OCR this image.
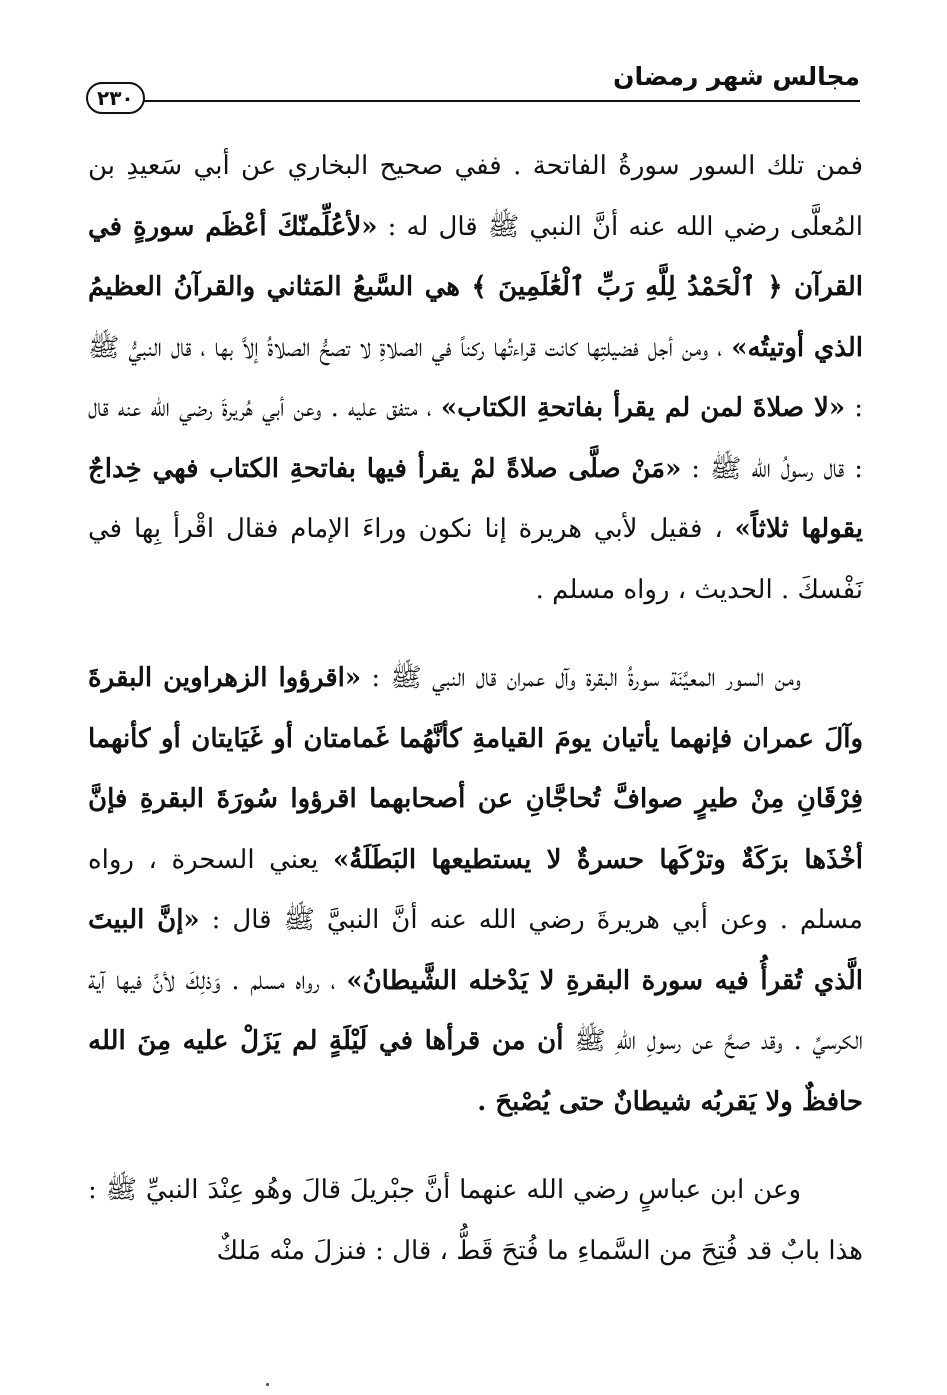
مجالس شهر رمضان
٢٣٠

فمن تلك السور سورةُ الفاتحة . ففي صحيح البخاري عن أبي سَعيدِ بن المُعلَّى رضي الله عنه أنَّ النبي ﷺ قال له : «لأعُلِّمنّكَ أعْظَم سورةٍ في القرآن ﴿ ٱلْحَمْدُ لِلَّهِ رَبِّ ٱلْعَٰلَمِينَ ﴾ هي السَّبعُ المَثاني والقرآنُ العظيمُ الذي أوتيتُه» ، ومن أجل فضيلتِها كانت قراءتُها ركناً في الصلاةِ لا تصحُّ الصلاةُ إلاَّ بها ، قال النبيُّ ﷺ : «لا صلاةَ لمن لم يقرأ بفاتحةِ الكتاب» ، متفق عليه . وعن أبي هُريرةَ رضي الله عنه قال : قال رسولُ الله ﷺ : «مَنْ صلَّى صلاةً لمْ يقرأ فيها بفاتحةِ الكتاب فهي خِداجٌ يقولها ثلاثاً» ، فقيل لأبي هريرة إنا نكون وراءَ الإمام فقال اقْرأ بِها في نَفْسكَ . الحديث ، رواه مسلم .

ومن السور المعيَّنَة سورةُ البقرة وآل عمران قال النبي ﷺ : «اقرؤوا الزهراوين البقرةَ وآلَ عمران فإنهما يأتيان يومَ القيامةِ كأنَّهُما غَمامتان أو غَيَايتان أو كأنهما فِرْقَانِ مِنْ طيرٍ صوافَّ تُحاجَّانِ عن أصحابهما اقرؤوا سُورَةَ البقرةِ فإنَّ أخْذَها برَكَةٌ وترْكَها حسرةٌ لا يستطيعها البَطَلَةُ» يعني السحرة ، رواه مسلم . وعن أبي هريرةَ رضي الله عنه أنَّ النبيَّ ﷺ قال : «إنَّ البيتَ الَّذي تُقرأُ فيه سورة البقرةِ لا يَدْخله الشَّيطانُ» ، رواه مسلم . وَذلِكَ لأنَّ فيها آية الكرسيِّ . وقد صحَّ عن رسولِ اللهِ ﷺ أن من قرأها في لَيْلَةٍ لم يَزَلْ عليه مِنَ الله حافظٌ ولا يَقربُه شيطانٌ حتى يُصْبحَ .

وعن ابن عباسٍ رضي الله عنهما أنَّ جبْريلَ قالَ وهُو عِنْدَ النبيِّ ﷺ : هذا بابٌ قد فُتِحَ من السَّماءِ ما فُتحَ قَطُّ ، قال : فنزلَ منْه مَلكٌ
